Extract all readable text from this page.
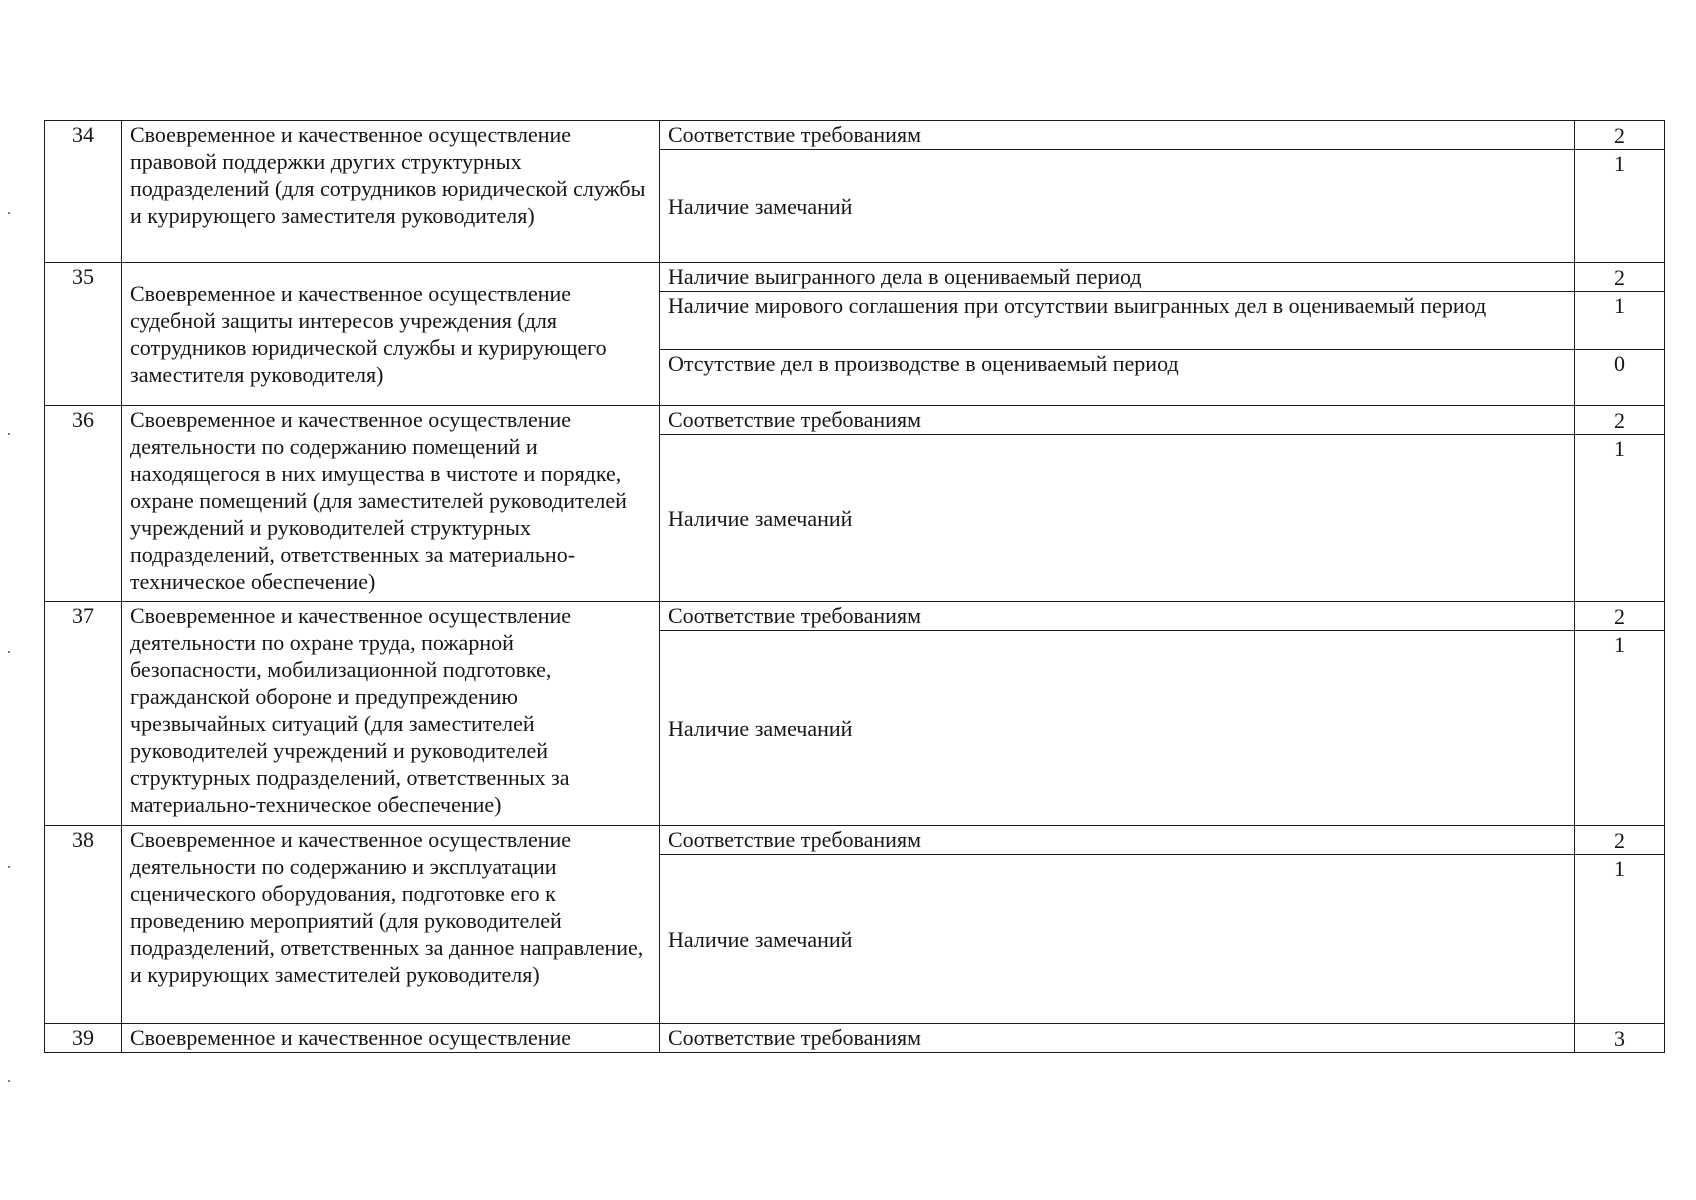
34	Своевременное и качественное осуществление правовой поддержки других структурных подразделений (для сотрудников юридической службы и курирующего заместителя руководителя)	Соответствие требованиям	2
		Наличие замечаний	1
35	Своевременное и качественное осуществление судебной защиты интересов учреждения (для сотрудников юридической службы и курирующего заместителя руководителя)	Наличие выигранного дела в оцениваемый период	2
		Наличие мирового соглашения при отсутствии выигранных дел в оцениваемый период	1
		Отсутствие дел в производстве в оцениваемый период	0
36	Своевременное и качественное осуществление деятельности по содержанию помещений и находящегося в них имущества в чистоте и порядке, охране помещений (для заместителей руководителей учреждений и руководителей структурных подразделений, ответственных за материально-техническое обеспечение)	Соответствие требованиям	2
		Наличие замечаний	1
37	Своевременное и качественное осуществление деятельности по охране труда, пожарной безопасности, мобилизационной подготовке, гражданской обороне и предупреждению чрезвычайных ситуаций (для заместителей руководителей учреждений и руководителей структурных подразделений, ответственных за материально-техническое обеспечение)	Соответствие требованиям	2
		Наличие замечаний	1
38	Своевременное и качественное осуществление деятельности по содержанию и эксплуатации сценического оборудования, подготовке его к проведению мероприятий (для руководителей подразделений, ответственных за данное направление, и курирующих заместителей руководителя)	Соответствие требованиям	2
		Наличие замечаний	1
39	Своевременное и качественное осуществление	Соответствие требованиям	3
